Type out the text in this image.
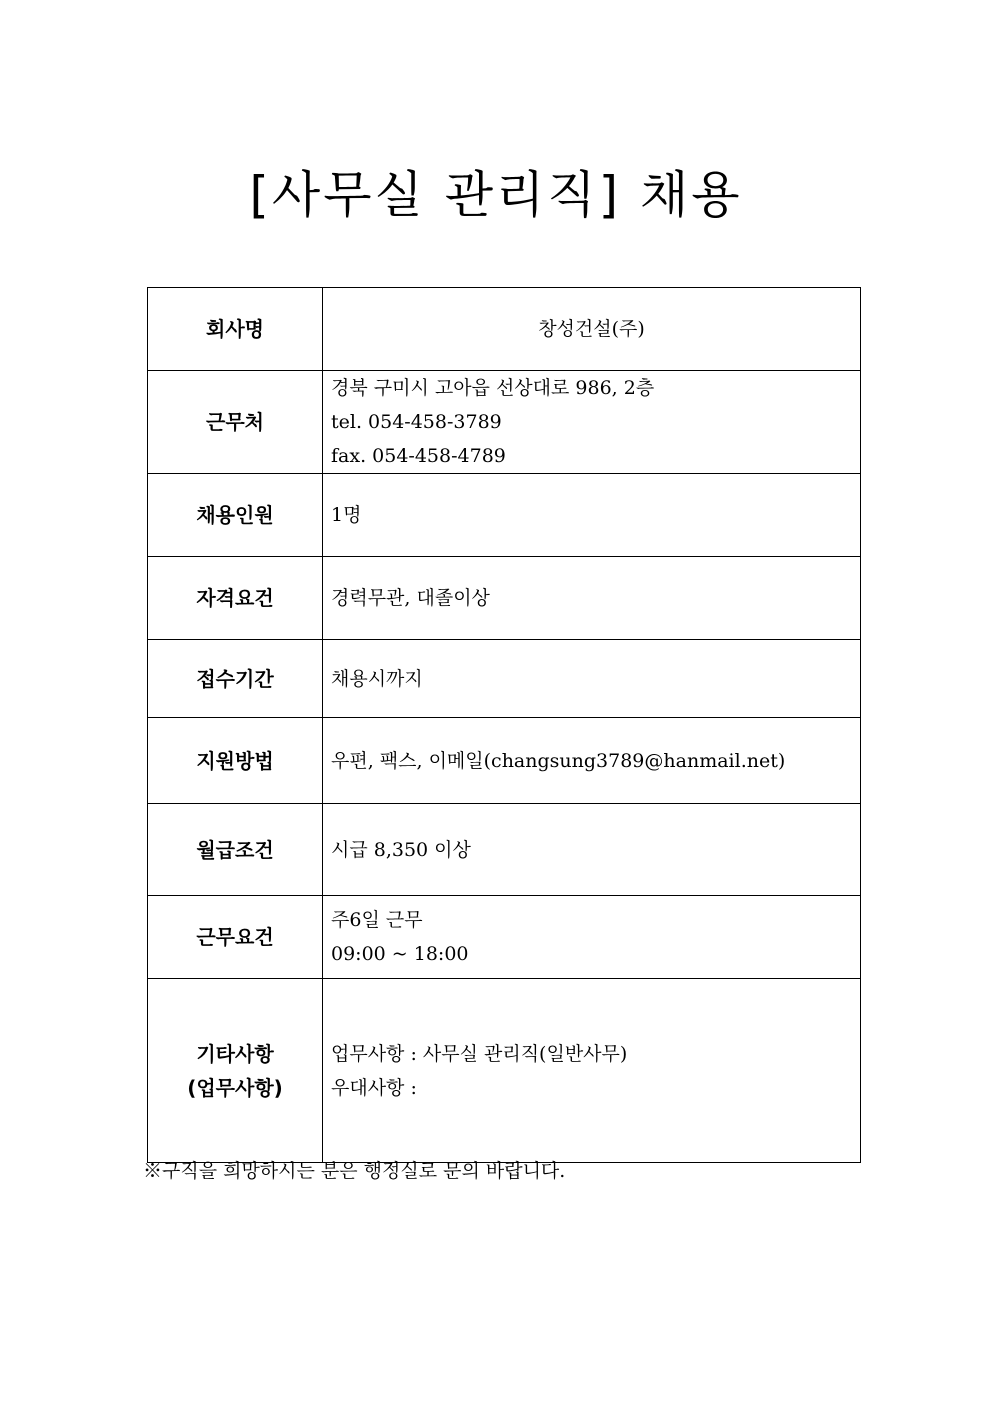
[사무실 관리직] 채용
회사명	창성건설(주)

근무처	경북 구미시 고아읍 선상대로 986, 2층
tel. 054-458-3789
fax. 054-458-4789

채용인원	1명

자격요건	경력무관, 대졸이상

접수기간	채용시까지

지원방법	우편, 팩스, 이메일(changsung3789@hanmail.net)

월급조건	시급 8,350 이상

근무요건	주6일 근무
09:00 ~ 18:00

기타사항
(업무사항)	업무사항 : 사무실 관리직(일반사무)
우대사항 :
※구직을 희망하시는 분은 행정실로 문의 바랍니다.
